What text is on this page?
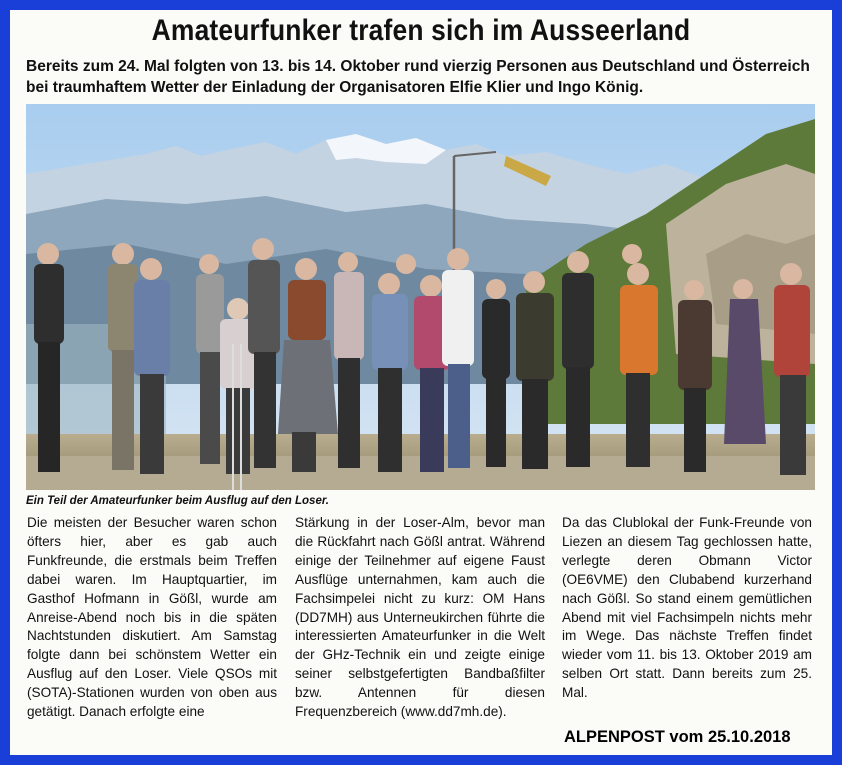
Amateurfunker trafen sich im Ausseerland
Bereits zum 24. Mal folgten von 13. bis 14. Oktober rund vierzig Personen aus Deutschland und Österreich bei traumhaftem Wetter der Einladung der Organisatoren Elfie Klier und Ingo König.
Ein Teil der Amateurfunker beim Ausflug auf den Loser.

Die meisten der Besucher waren schon öfters hier, aber es gab auch Funkfreunde, die erstmals beim Treffen dabei waren. Im Hauptquartier, im Gasthof Hofmann in Gößl, wurde am Anreise-Abend noch bis in die späten Nachtstunden diskutiert. Am Samstag folgte dann bei schönstem Wetter ein Ausflug auf den Loser. Viele QSOs mit (SOTA)-Stationen wurden von oben aus getätigt. Danach erfolgte eine

Stärkung in der Loser-Alm, bevor man die Rückfahrt nach Gößl antrat. Während einige der Teilnehmer auf eigene Faust Ausflüge unternahmen, kam auch die Fachsimpelei nicht zu kurz: OM Hans (DD7MH) aus Unterneukirchen führte die interessierten Amateurfunker in die Welt der GHz-Technik ein und zeigte einige seiner selbstgefertigten Bandbaßfilter bzw. Antennen für diesen Frequenzbereich (www.dd7mh.de).

Da das Clublokal der Funk-Freunde von Liezen an diesem Tag gechlossen hatte, verlegte deren Obmann Victor (OE6VME) den Clubabend kurzerhand nach Gößl. So stand einem gemütlichen Abend mit viel Fachsimpeln nichts mehr im Wege. Das nächste Treffen findet wieder vom 11. bis 13. Oktober 2019 am selben Ort statt. Dann bereits zum 25. Mal.

ALPENPOST vom 25.10.2018
